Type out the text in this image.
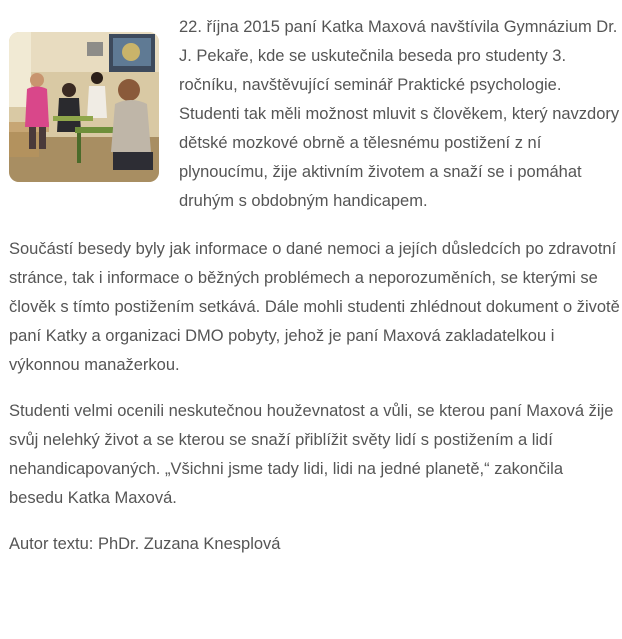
22. října 2015 paní Katka Maxová navštívila Gymnázium Dr. J. Pekaře, kde se uskutečnila beseda pro studenty 3. ročníku, navštěvující seminář Praktické psychologie. Studenti tak měli možnost mluvit s člověkem, který navzdory dětské mozkové obrně a tělesnému postižení z ní plynoucímu, žije aktivním životem a snaží se i pomáhat druhým s obdobným handicapem.

Součástí besedy byly jak informace o dané nemoci a jejích důsledcích po zdravotní stránce, tak i informace o běžných problémech a neporozuměních, se kterými se člověk s tímto postižením setkává. Dále mohli studenti zhlédnout dokument o životě paní Katky a organizaci DMO pobyty, jehož je paní Maxová zakladatelkou i výkonnou manažerkou.

Studenti velmi ocenili neskutečnou houževnatost a vůli, se kterou paní Maxová žije svůj nelehký život a se kterou se snaží přiblížit světy lidí s postižením a lidí nehandicapovaných. „Všichni jsme tady lidi, lidi na jedné planetě,“ zakončila besedu Katka Maxová.

Autor textu: PhDr. Zuzana Knesplová
